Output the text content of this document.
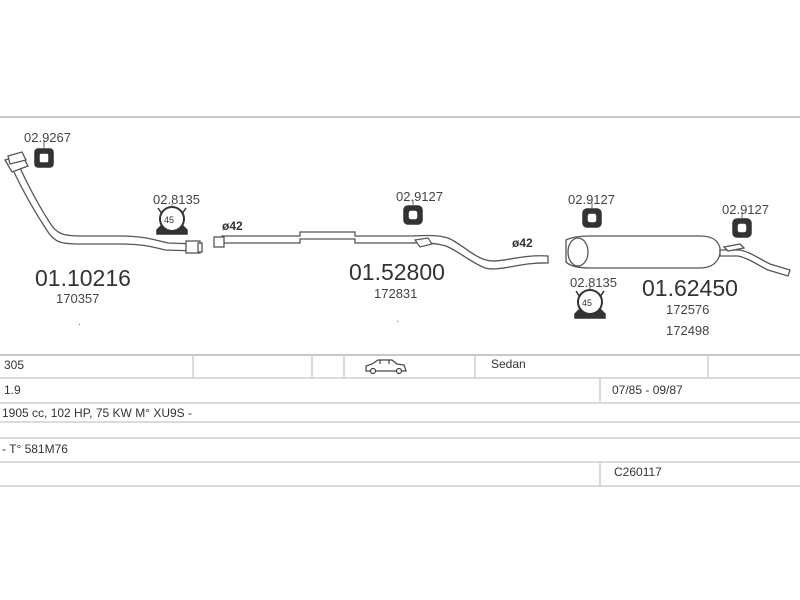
02.9267
02.8135
45	ø42
01.10216
170357
.
02.9127
01.52800
172831
.
ø42
02.9127
02.9127
02.8135
45
01.62450
172576
172498
305	Sedan
1.9	07/85 - 09/87
1905 cc, 102 HP, 75 KW M° XU9S -
- T° 581M76
C260117
